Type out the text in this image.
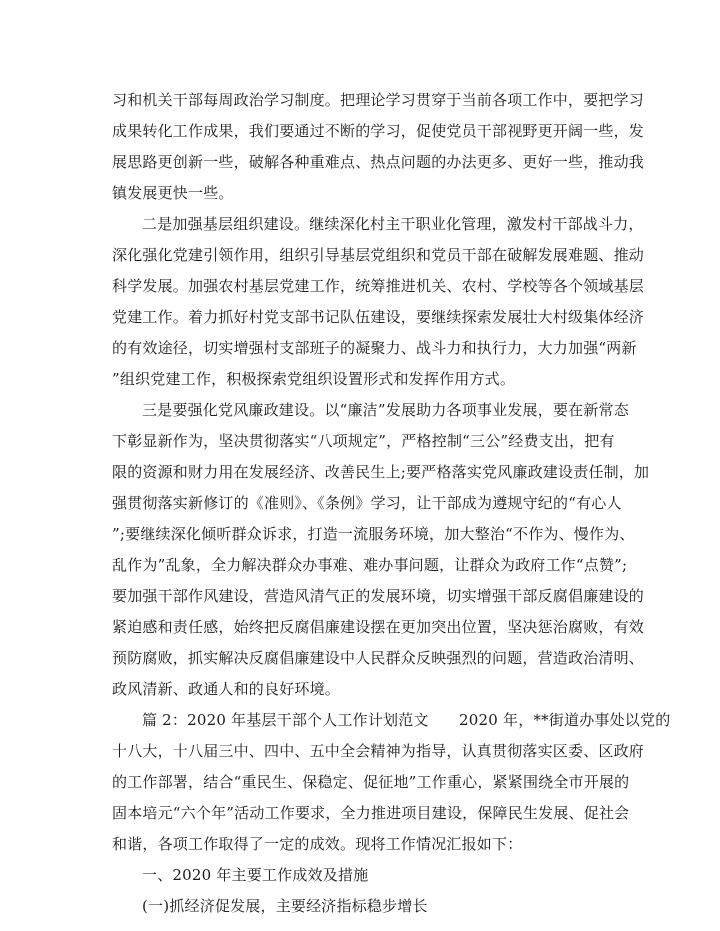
习和机关干部每周政治学习制度。把理论学习贯穿于当前各项工作中，要把学习
成果转化工作成果，我们要通过不断的学习，促使党员干部视野更开阔一些，发
展思路更创新一些，破解各种重难点、热点问题的办法更多、更好一些，推动我
镇发展更快一些。
二是加强基层组织建设。继续深化村主干职业化管理，激发村干部战斗力，
深化强化党建引领作用，组织引导基层党组织和党员干部在破解发展难题、推动
科学发展。加强农村基层党建工作，统筹推进机关、农村、学校等各个领域基层
党建工作。着力抓好村党支部书记队伍建设，要继续探索发展壮大村级集体经济
的有效途径，切实增强村支部班子的凝聚力、战斗力和执行力，大力加强“两新
”组织党建工作，积极探索党组织设置形式和发挥作用方式。
三是要强化党风廉政建设。以“廉洁”发展助力各项事业发展，要在新常态
下彰显新作为，坚决贯彻落实“八项规定”，严格控制“三公”经费支出，把有
限的资源和财力用在发展经济、改善民生上;要严格落实党风廉政建设责任制，加
强贯彻落实新修订的《准则》、《条例》学习，让干部成为遵规守纪的“有心人
”;要继续深化倾听群众诉求，打造一流服务环境，加大整治“不作为、慢作为、
乱作为”乱象，全力解决群众办事难、难办事问题，让群众为政府工作“点赞”;
要加强干部作风建设，营造风清气正的发展环境，切实增强干部反腐倡廉建设的
紧迫感和责任感，始终把反腐倡廉建设摆在更加突出位置，坚决惩治腐败，有效
预防腐败，抓实解决反腐倡廉建设中人民群众反映强烈的问题，营造政治清明、
政风清新、政通人和的良好环境。
篇 2：2020 年基层干部个人工作计划范文　　2020 年，**街道办事处以党的
十八大，十八届三中、四中、五中全会精神为指导，认真贯彻落实区委、区政府
的工作部署，结合“重民生、保稳定、促征地”工作重心，紧紧围绕全市开展的
固本培元“六个年”活动工作要求，全力推进项目建设，保障民生发展、促社会
和谐，各项工作取得了一定的成效。现将工作情况汇报如下：
一、2020 年主要工作成效及措施
(一)抓经济促发展，主要经济指标稳步增长
